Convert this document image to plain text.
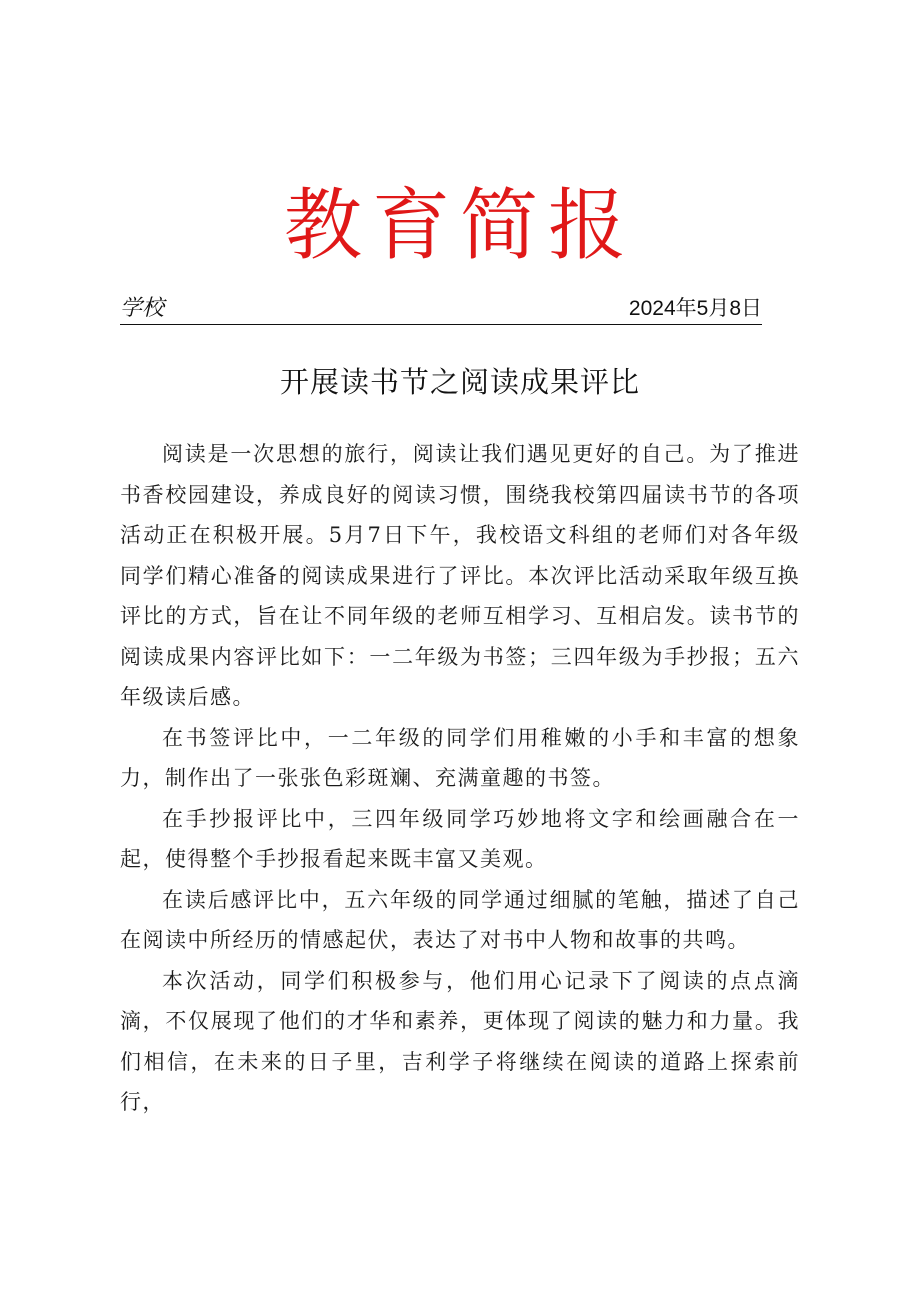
教育简报
学校	2024年5月8日
开展读书节之阅读成果评比

阅读是一次思想的旅行，阅读让我们遇见更好的自己。为了推进书香校园建设，养成良好的阅读习惯，围绕我校第四届读书节的各项活动正在积极开展。5月7日下午，我校语文科组的老师们对各年级同学们精心准备的阅读成果进行了评比。本次评比活动采取年级互换评比的方式，旨在让不同年级的老师互相学习、互相启发。读书节的阅读成果内容评比如下：一二年级为书签；三四年级为手抄报；五六年级读后感。

在书签评比中，一二年级的同学们用稚嫩的小手和丰富的想象力，制作出了一张张色彩斑斓、充满童趣的书签。

在手抄报评比中，三四年级同学巧妙地将文字和绘画融合在一起，使得整个手抄报看起来既丰富又美观。

在读后感评比中，五六年级的同学通过细腻的笔触，描述了自己在阅读中所经历的情感起伏，表达了对书中人物和故事的共鸣。

本次活动，同学们积极参与，他们用心记录下了阅读的点点滴滴，不仅展现了他们的才华和素养，更体现了阅读的魅力和力量。我们相信，在未来的日子里，吉利学子将继续在阅读的道路上探索前行，
